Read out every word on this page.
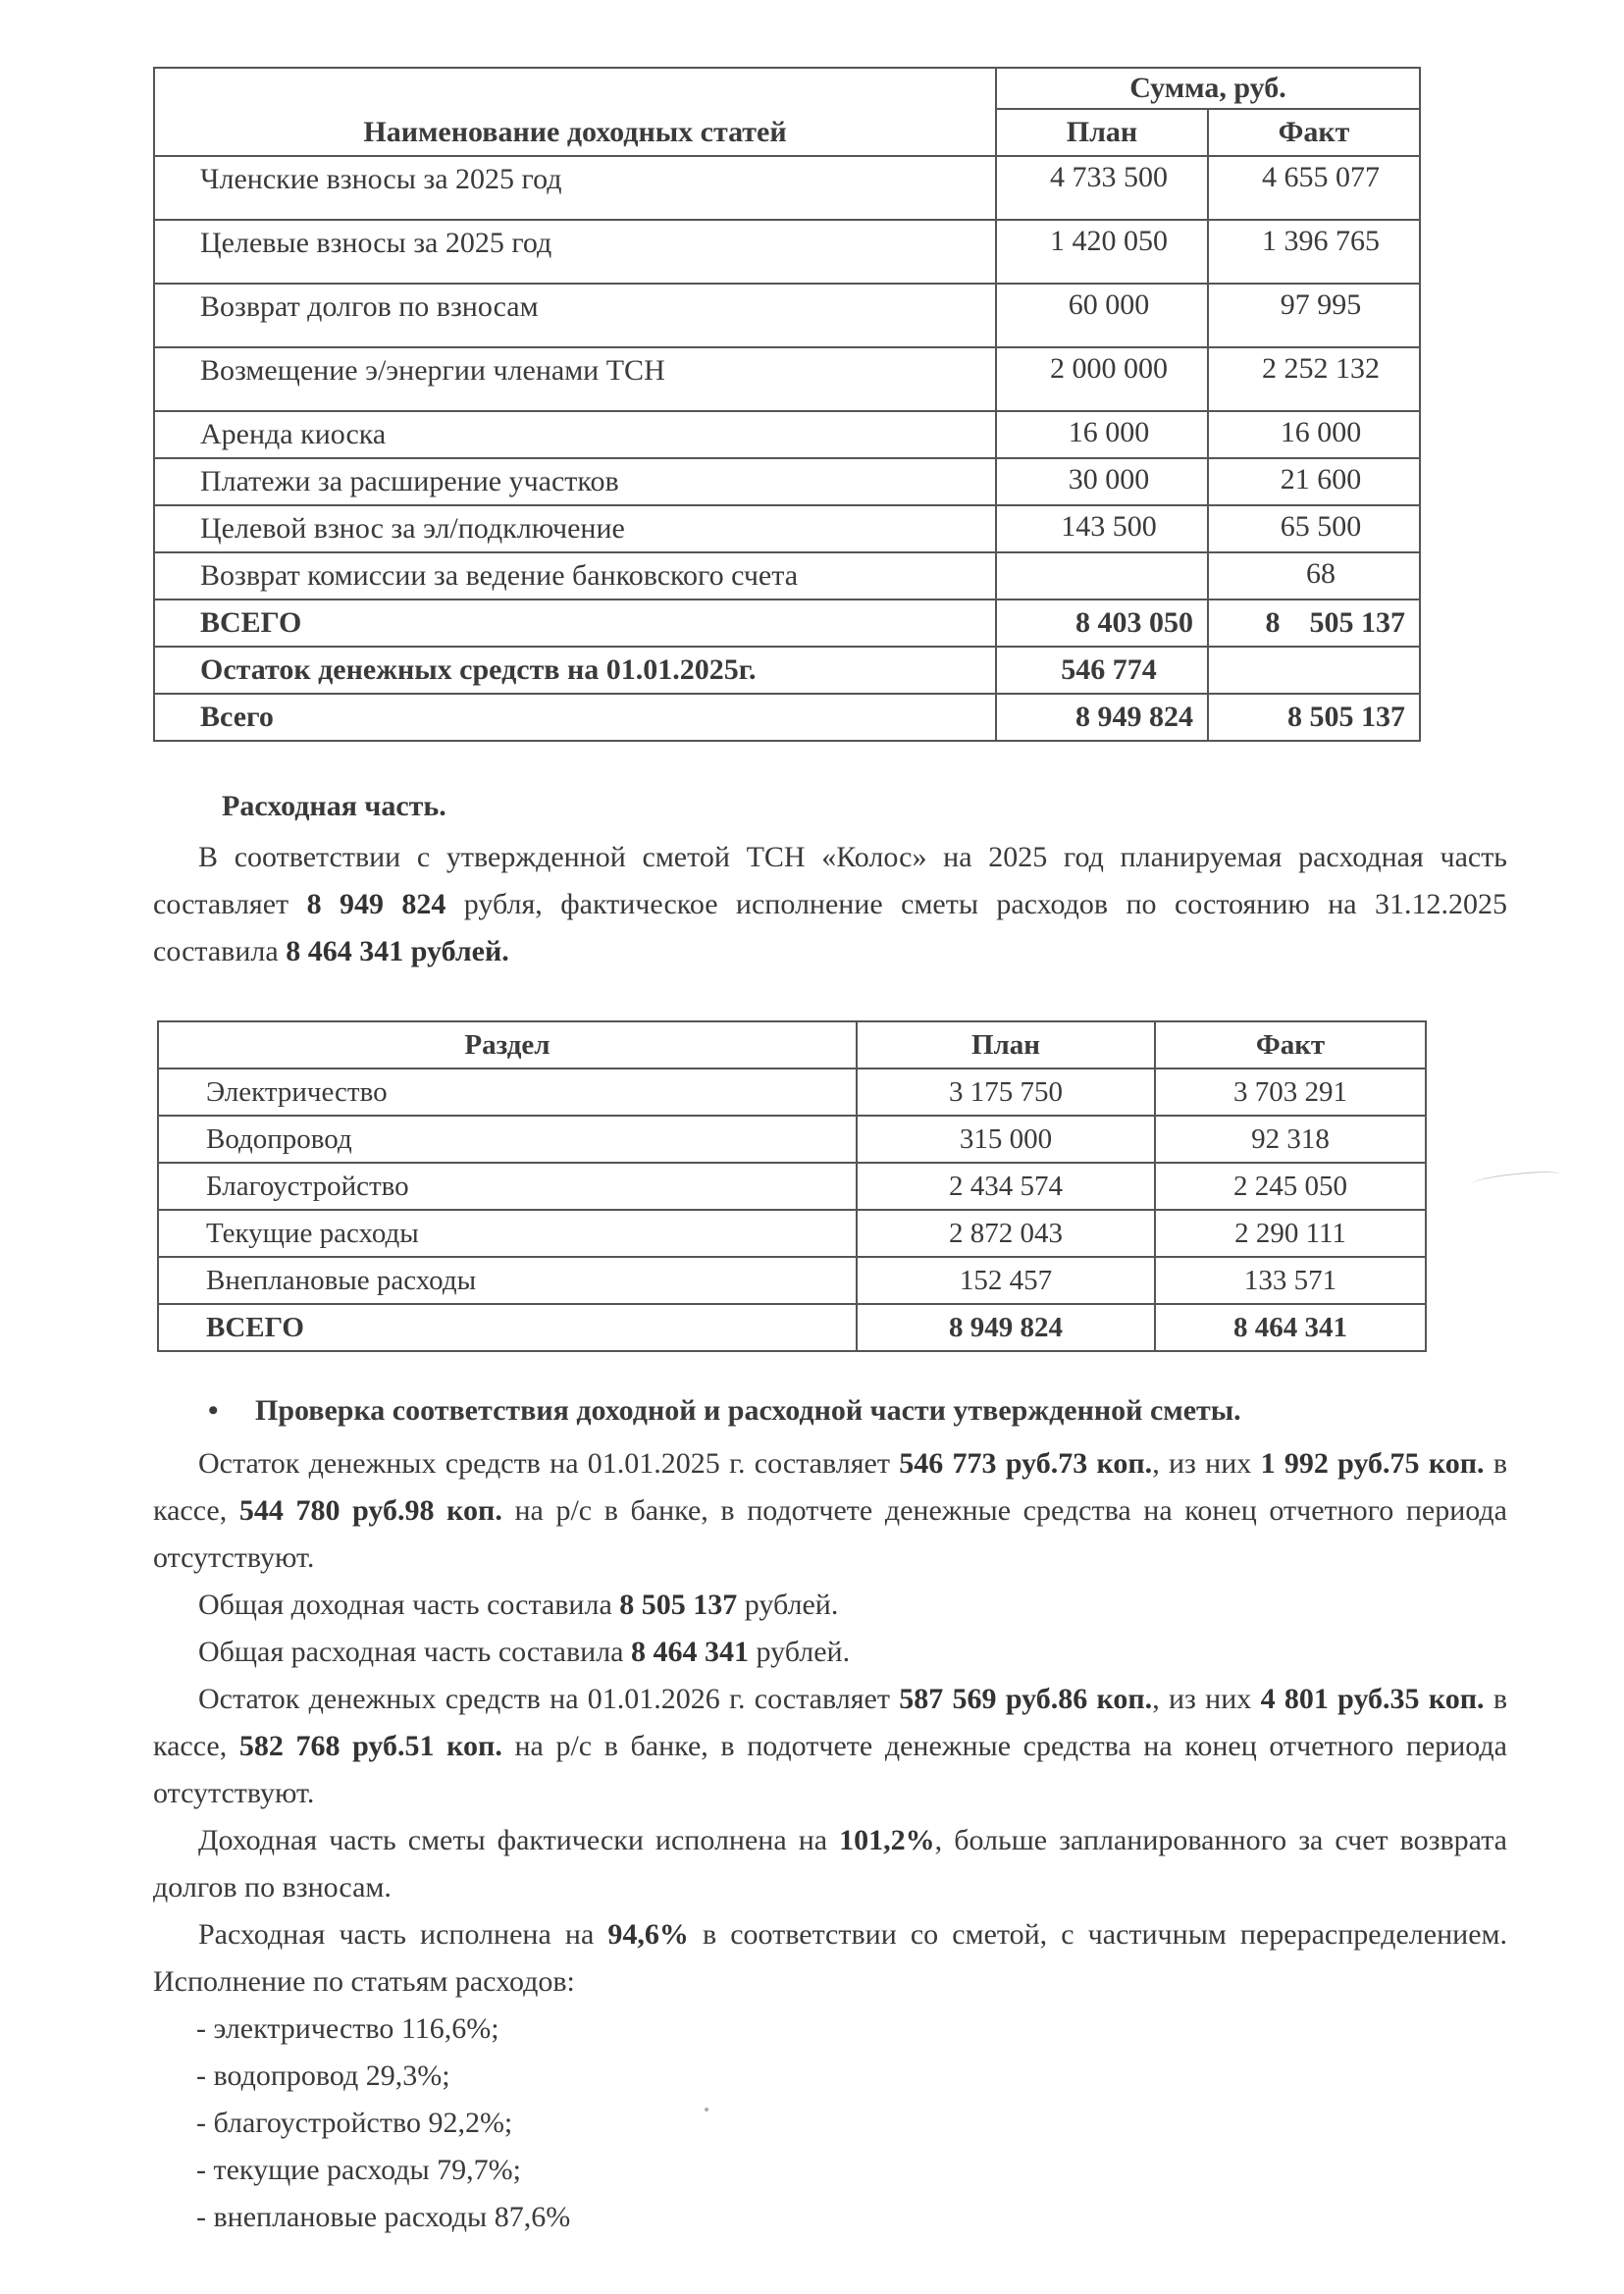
Наименование доходных статей	Сумма, руб.	
	План	Факт
Членские взносы за 2025 год	4 733 500	4 655 077
Целевые взносы за 2025 год	1 420 050	1 396 765
Возврат долгов по взносам	60 000	97 995
Возмещение э/энергии членами ТСН	2 000 000	2 252 132
Аренда киоска	16 000	16 000
Платежи за расширение участков	30 000	21 600
Целевой взнос за эл/подключение	143 500	65 500
Возврат комиссии за ведение банковского счета		68
ВСЕГО	8 403 050	8    505 137
Остаток денежных средств на 01.01.2025г.	546 774	
Всего	8 949 824	8 505 137
Расходная часть.
В соответствии с утвержденной сметой ТСН «Колос» на 2025 год планируемая расходная часть составляет 8 949 824 рубля, фактическое исполнение сметы расходов по состоянию на 31.12.2025 составила 8 464 341 рублей.
Раздел	План	Факт
Электричество	3 175 750	3 703 291
Водопровод	315 000	92 318
Благоустройство	2 434 574	2 245 050
Текущие расходы	2 872 043	2 290 111
Внеплановые расходы	152 457	133 571
ВСЕГО	8 949 824	8 464 341
• Проверка соответствия доходной и расходной части утвержденной сметы.
Остаток денежных средств на 01.01.2025 г. составляет 546 773 руб.73 коп., из них 1 992 руб.75 коп. в кассе, 544 780 руб.98 коп. на р/с в банке, в подотчете денежные средства на конец отчетного периода отсутствуют.
Общая доходная часть составила 8 505 137 рублей.
Общая расходная часть составила 8 464 341 рублей.
Остаток денежных средств на 01.01.2026 г. составляет 587 569 руб.86 коп., из них 4 801 руб.35 коп. в кассе, 582 768 руб.51 коп. на р/с в банке, в подотчете денежные средства на конец отчетного периода отсутствуют.
Доходная часть сметы фактически исполнена на 101,2%, больше запланированного за счет возврата долгов по взносам.
Расходная часть исполнена на 94,6% в соответствии со сметой, с частичным перераспределением. Исполнение по статьям расходов:
- электричество 116,6%;
- водопровод 29,3%;
- благоустройство 92,2%;
- текущие расходы 79,7%;
- внеплановые расходы 87,6%
